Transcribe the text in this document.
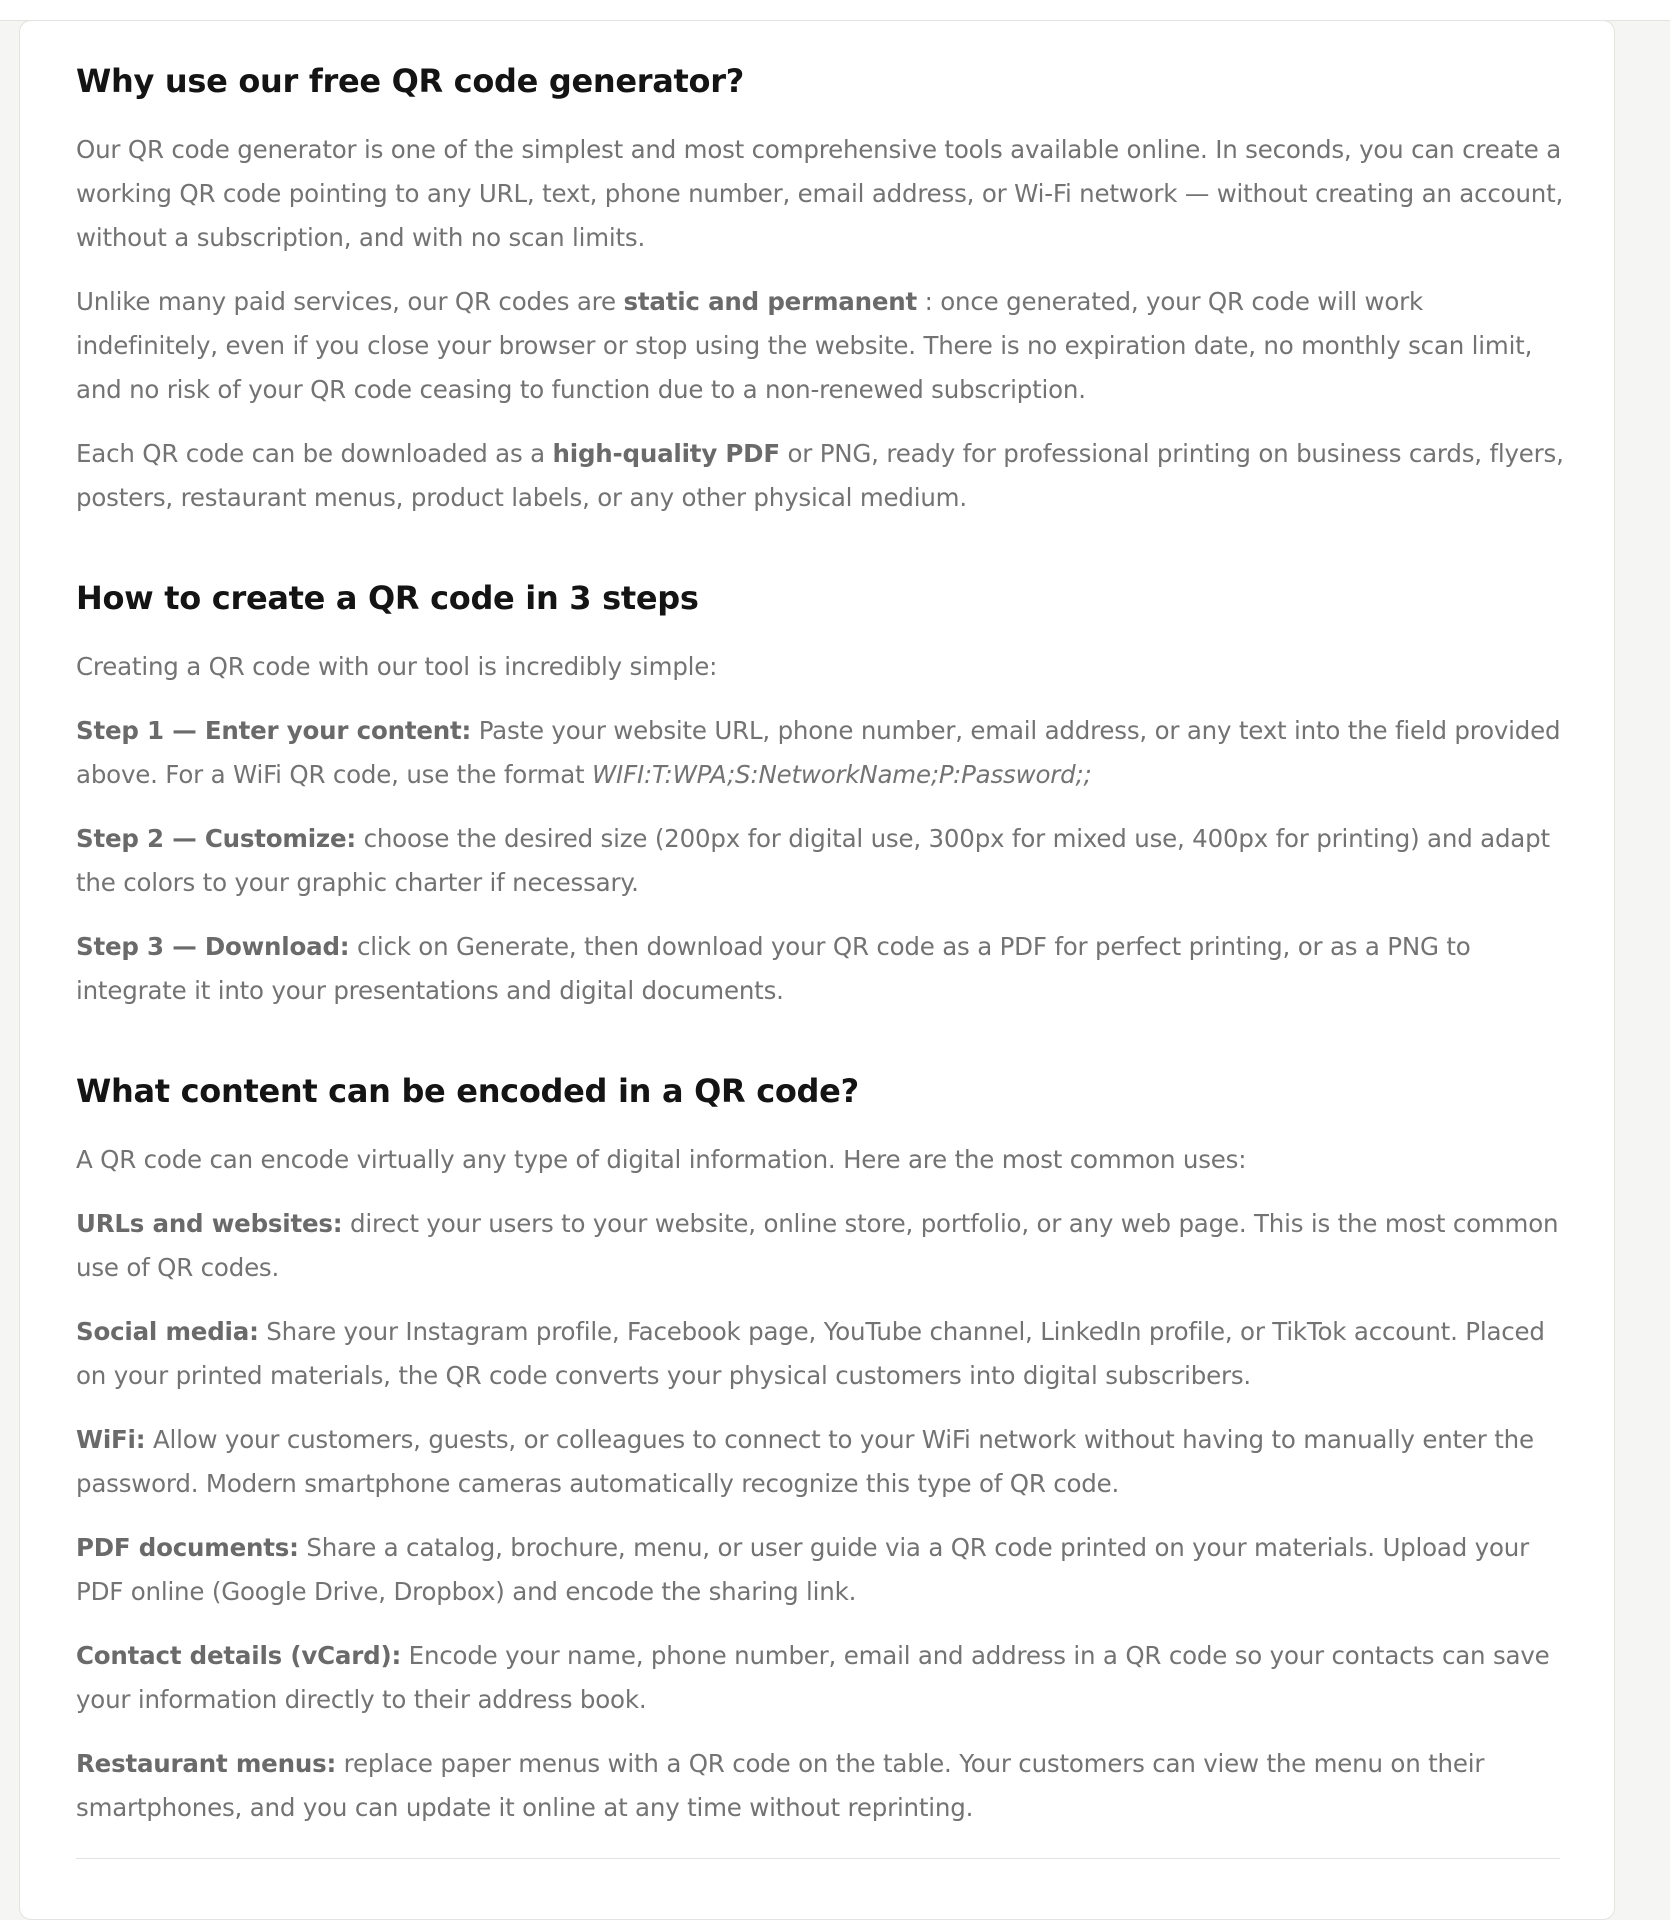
Why use our free QR code generator?

Our QR code generator is one of the simplest and most comprehensive tools available online. In seconds, you can create a working QR code pointing to any URL, text, phone number, email address, or Wi-Fi network — without creating an account, without a subscription, and with no scan limits.

Unlike many paid services, our QR codes are static and permanent : once generated, your QR code will work indefinitely, even if you close your browser or stop using the website. There is no expiration date, no monthly scan limit, and no risk of your QR code ceasing to function due to a non-renewed subscription.

Each QR code can be downloaded as a high-quality PDF or PNG, ready for professional printing on business cards, flyers, posters, restaurant menus, product labels, or any other physical medium.

How to create a QR code in 3 steps

Creating a QR code with our tool is incredibly simple:

Step 1 — Enter your content: Paste your website URL, phone number, email address, or any text into the field provided above. For a WiFi QR code, use the format WIFI:T:WPA;S:NetworkName;P:Password;;

Step 2 — Customize: choose the desired size (200px for digital use, 300px for mixed use, 400px for printing) and adapt the colors to your graphic charter if necessary.

Step 3 — Download: click on Generate, then download your QR code as a PDF for perfect printing, or as a PNG to integrate it into your presentations and digital documents.

What content can be encoded in a QR code?

A QR code can encode virtually any type of digital information. Here are the most common uses:

URLs and websites: direct your users to your website, online store, portfolio, or any web page. This is the most common use of QR codes.

Social media: Share your Instagram profile, Facebook page, YouTube channel, LinkedIn profile, or TikTok account. Placed on your printed materials, the QR code converts your physical customers into digital subscribers.

WiFi: Allow your customers, guests, or colleagues to connect to your WiFi network without having to manually enter the password. Modern smartphone cameras automatically recognize this type of QR code.

PDF documents: Share a catalog, brochure, menu, or user guide via a QR code printed on your materials. Upload your PDF online (Google Drive, Dropbox) and encode the sharing link.

Contact details (vCard): Encode your name, phone number, email and address in a QR code so your contacts can save your information directly to their address book.

Restaurant menus: replace paper menus with a QR code on the table. Your customers can view the menu on their smartphones, and you can update it online at any time without reprinting.
